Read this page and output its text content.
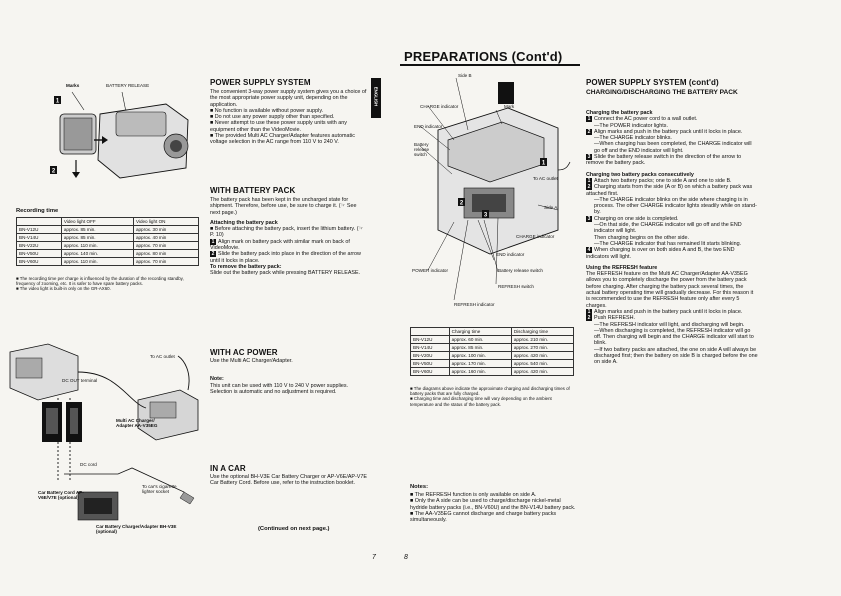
PREPARATIONS (Cont'd)
Marks	BATTERY RELEASE
1
2
Recording time
	Video light OFF	Video light ON
BN-V12U	approx. 85 min.	approx. 30 min
BN-V14U	approx. 85 min.	approx. 40 min
BN-V22U	approx. 110 min.	approx. 70 min
BN-V50U	approx. 140 min.	approx. 80 min
BN-V60U	approx. 110 min.	approx. 70 min
■ The recording time per charge is influenced by the duration of the recording standby, frequency of zooming, etc. It is safer to have spare battery packs.
■ The video light is built-in only on the GR-AX60.
To AC outlet
DC OUT terminal
Multi AC Charger/ Adapter AA-V35EG
DC cord
Car Battery Cord AP-V6E/V7E (optional)
To car's cigarette lighter socket
Car Battery Charger/Adapter BH-V3E (optional)
POWER SUPPLY SYSTEM

The convenient 3-way power supply system gives you a choice of the most appropriate power supply unit, depending on the application.

■ No function is available without power supply.

■ Do not use any power supply other than specified.

■ Never attempt to use these power supply units with any equipment other than the VideoMovie.

■ The provided Multi AC Charger/Adapter features automatic voltage selection in the AC range from 110 V to 240 V.

ENGLISH
WITH BATTERY PACK

The battery pack has been kept in the uncharged state for shipment. Therefore, before use, be sure to charge it. (☞ See next page.)

Attaching the battery pack

■ Before attaching the battery pack, insert the lithium battery. (☞ P. 10)

1 Align mark on battery pack with similar mark on back of VideoMovie.

2 Slide the battery pack into place in the direction of the arrow until it locks in place.

To remove the battery pack:

Slide out the battery pack while pressing BATTERY RELEASE.

WITH AC POWER

Use the Multi AC Charger/Adapter.

Note:

This unit can be used with 110 V to 240 V power supplies. Selection is automatic and no adjustment is required.

IN A CAR

Use the optional BH-V3E Car Battery Charger or AP-V6E/AP-V7E Car Battery Cord. Before use, refer to the instruction booklet.

(Continued on next page.)
7
1
2
3
Side B
CHARGE indicator	Mark
END indicator
Battery release switch
To AC outlet
Side A
CHARGE indicator
END indicator
POWER indicator	Battery release switch
REFRESH switch
REFRESH indicator
	Charging time	Discharging time
BN-V12U	approx. 60 min.	approx. 210 min.
BN-V14U	approx. 85 min.	approx. 270 min.
BN-V20U	approx. 100 min.	approx. 420 min.
BN-V50U	approx. 170 min.	approx. 540 min.
BN-V60U	approx. 160 min.	approx. 420 min.
■ The diagrams above indicate the approximate charging and discharging times of battery packs that are fully charged.
■ Charging time and discharging time will vary depending on the ambient temperature and the status of the battery pack.
Notes:

■ The REFRESH function is only available on side A.

■ Only the A side can be used to charge/discharge nickel-metal hydride battery packs (i.e., BN-V60U) and the BN-V14U battery pack.

■ The AA-V35EG cannot discharge and charge battery packs simultaneously.

8
POWER SUPPLY SYSTEM (cont'd)
CHARGING/DISCHARGING THE BATTERY PACK

Charging the battery pack

1 Connect the AC power cord to a wall outlet.

—The POWER indicator lights.

2 Align marks and push in the battery pack until it locks in place.

—The CHARGE indicator blinks.

—When charging has been completed, the CHARGE indicator will go off and the END indicator will light.

3 Slide the battery release switch in the direction of the arrow to remove the battery pack.

Charging two battery packs consecutively

1 Attach two battery packs; one to side A and one to side B.

2 Charging starts from the side (A or B) on which a battery pack was attached first.

—The CHARGE indicator blinks on the side where charging is in process. The other CHARGE indicator lights steadily while on stand-by.

3 Charging on one side is completed.

—On that side, the CHARGE indicator will go off and the END indicator will light.

Then charging begins on the other side.

—The CHARGE indicator that has remained lit starts blinking.

4 When charging is over on both sides A and B, the two END indicators will light.

Using the REFRESH feature

The REFRESH feature on the Multi AC Charger/Adapter AA-V35EG allows you to completely discharge the power from the battery pack before charging. After charging the battery pack several times, the actual battery operating time will gradually decrease. For this reason it is recommended to use the REFRESH feature only after every 5 charges.

1 Align marks and push in the battery pack until it locks in place.

2 Push REFRESH.

—The REFRESH indicator will light, and discharging will begin.

—When discharging is completed, the REFRESH indicator will go off. Then charging will begin and the CHARGE indicator will start to blink.

—If two battery packs are attached, the one on side A will always be discharged first; then the battery on side B is charged before the one on side A.
